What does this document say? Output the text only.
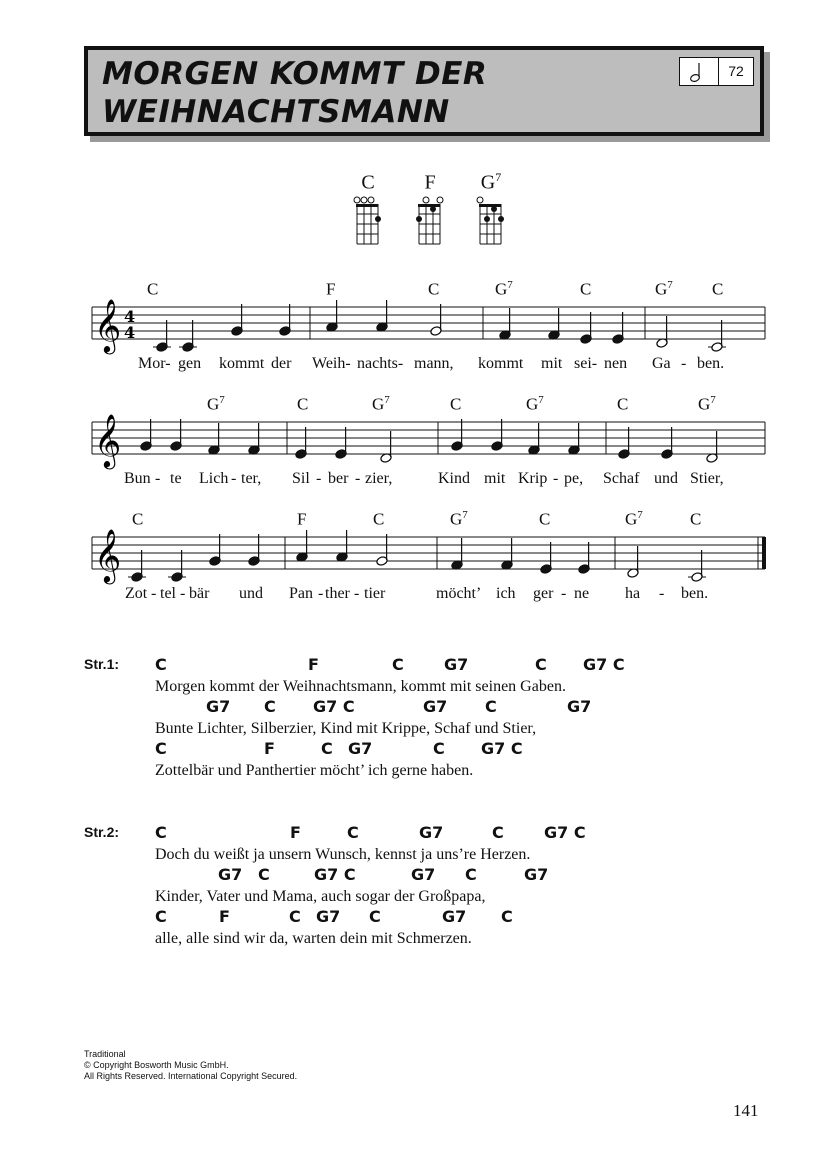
MORGEN KOMMT DER
WEIHNACHTSMANN
72
C	F	$G^7$
𝄞 4
4
𝄞
𝄞
C	F	C	$G^7$	C	$G^7$ C
Mor- gen kommt der Weih- nachts- mann, kommt mit sei- nen Ga - ben.
$G^7$	C	$G^7$	C	$G^7$	C	$G^7$
Bun - te Lich - ter, Sil - ber - zier,	Kind mit Krip - pe, Schaf und Stier,
C	F	C	$G^7$	C	$G^7$	C
Zot - tel - bär und Pan - ther - tier	möcht’ ich ger - ne ha - ben.
Str.1: C	F	C	G7	C G7 C
Morgen kommt der Weihnachtsmann, kommt mit seinen Gaben.
G7 C G7 C	G7 C	G7
Bunte Lichter, Silberzier, Kind mit Krippe, Schaf und Stier,
C	F	C G7	C G7 C
Zottelbär und Panthertier möcht’ ich gerne haben.
Str.2: C	F	C	G7	C	G7 C
Doch du weißt ja unsern Wunsch, kennst ja uns’re Herzen.
G7 C	G7 C	G7 C	G7
Kinder, Vater und Mama, auch sogar der Großpapa,
C	F	C G7 C	G7 C
alle, alle sind wir da, warten dein mit Schmerzen.
Traditional
© Copyright Bosworth Music GmbH.
All Rights Reserved. International Copyright Secured.
141
